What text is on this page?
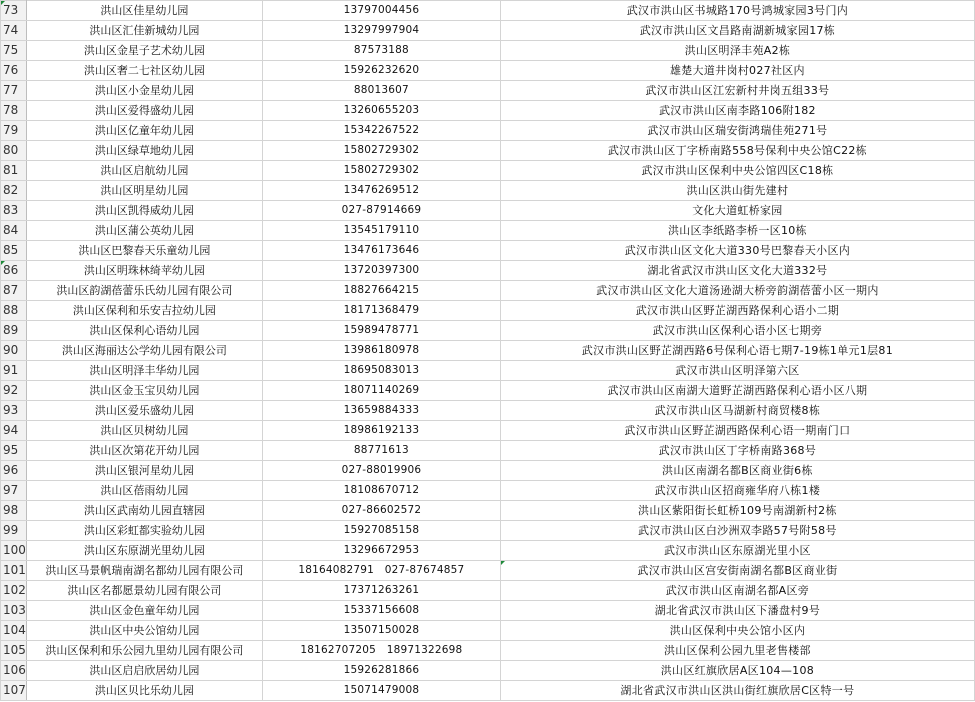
73	洪山区佳星幼儿园	13797004456	武汉市洪山区书城路170号鸿城家园3号门内
74	洪山区汇佳新城幼儿园	13297997904	武汉市洪山区文昌路南湖新城家园17栋
75	洪山区金星子艺术幼儿园	87573188	洪山区明泽丰苑A2栋
76	洪山区奢二七社区幼儿园	15926232620	雄楚大道井岗村027社区内
77	洪山区小金星幼儿园	88013607	武汉市洪山区江宏新村井岗五组33号
78	洪山区爱得盛幼儿园	13260655203	武汉市洪山区南李路106附182
79	洪山区亿童年幼儿园	15342267522	武汉市洪山区瑞安街鸿瑞佳苑271号
80	洪山区绿草地幼儿园	15802729302	武汉市洪山区丁字桥南路558号保利中央公馆C22栋
81	洪山区启航幼儿园	15802729302	武汉市洪山区保利中央公馆四区C18栋
82	洪山区明星幼儿园	13476269512	洪山区洪山街先建村
83	洪山区凯得威幼儿园	027-87914669	文化大道虹桥家园
84	洪山区蒲公英幼儿园	13545179110	洪山区李纸路李桥一区10栋
85	洪山区巴黎春天乐童幼儿园	13476173646	武汉市洪山区文化大道330号巴黎春天小区内
86	洪山区明珠林绮苹幼儿园	13720397300	湖北省武汉市洪山区文化大道332号
87	洪山区韵湖蓓蕾乐氏幼儿园有限公司	18827664215	武汉市洪山区文化大道汤逊湖大桥旁韵湖蓓蕾小区一期内
88	洪山区保利和乐安吉拉幼儿园	18171368479	武汉市洪山区野芷湖西路保利心语小二期
89	洪山区保利心语幼儿园	15989478771	武汉市洪山区保利心语小区七期旁
90	洪山区海丽达公学幼儿园有限公司	13986180978	武汉市洪山区野芷湖西路6号保利心语七期7-19栋1单元1层81
91	洪山区明泽丰华幼儿园	18695083013	武汉市洪山区明泽第六区
92	洪山区金玉宝贝幼儿园	18071140269	武汉市洪山区南湖大道野芷湖西路保利心语小区八期
93	洪山区爱乐盛幼儿园	13659884333	武汉市洪山区马湖新村商贸楼8栋
94	洪山区贝树幼儿园	18986192133	武汉市洪山区野芷湖西路保利心语一期南门口
95	洪山区次第花开幼儿园	88771613	武汉市洪山区丁字桥南路368号
96	洪山区银河星幼儿园	027-88019906	洪山区南湖名都B区商业街6栋
97	洪山区蓓雨幼儿园	18108670712	武汉市洪山区招商雍华府八栋1楼
98	洪山区武南幼儿园直辖园	027-86602572	洪山区紫阳街长虹桥109号南湖新村2栋
99	洪山区彩虹都实验幼儿园	15927085158	武汉市洪山区白沙洲双李路57号附58号
100	洪山区东原湖光里幼儿园	13296672953	武汉市洪山区东原湖光里小区
101	洪山区马景帆瑞南湖名都幼儿园有限公司	18164082791　027-87674857	武汉市洪山区宫安街南湖名都B区商业街

102	洪山区名都愿景幼儿园有限公司	17371263261	武汉市洪山区南湖名都A区旁
103	洪山区金色童年幼儿园	15337156608	湖北省武汉市洪山区下潘盘村9号
104	洪山区中央公馆幼儿园	13507150028	洪山区保利中央公馆小区内
105	洪山区保利和乐公园九里幼儿园有限公司	18162707205　18971322698	洪山区保利公园九里老售楼部
106	洪山区启启欣居幼儿园	15926281866	洪山区红旗欣居A区104—108
107	洪山区贝比乐幼儿园	15071479008	湖北省武汉市洪山区洪山街红旗欣居C区特一号
